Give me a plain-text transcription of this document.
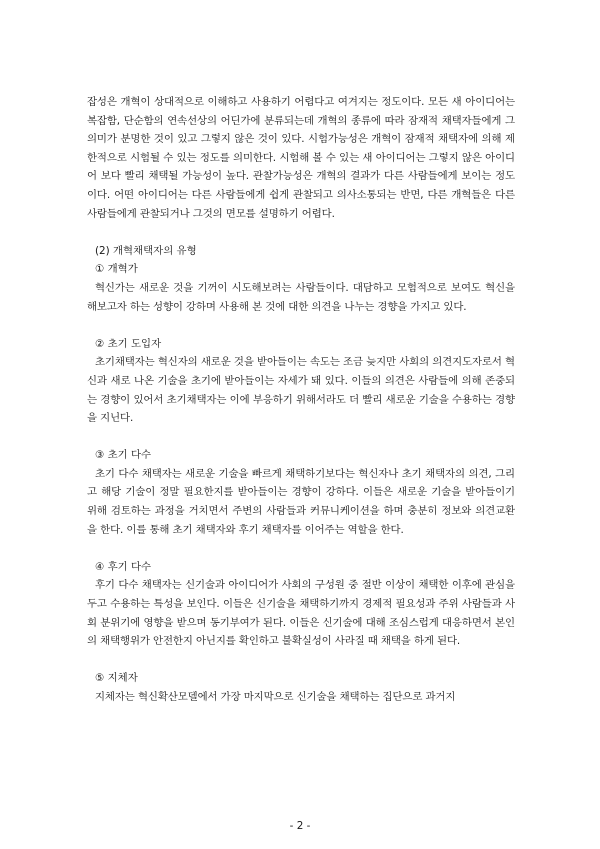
잡성은 개혁이 상대적으로 이해하고 사용하기 어렵다고 여겨지는 정도이다. 모든 새 아이디어는 복잡함, 단순함의 연속선상의 어딘가에 분류되는데 개혁의 종류에 따라 잠재적 채택자들에게 그 의미가 분명한 것이 있고 그렇지 않은 것이 있다. 시험가능성은 개혁이 잠재적 채택자에 의해 제한적으로 시험될 수 있는 정도를 의미한다. 시험해 볼 수 있는 새 아이디어는 그렇지 않은 아이디어 보다 빨리 채택될 가능성이 높다. 관찰가능성은 개혁의 결과가 다른 사람들에게 보이는 정도이다. 어떤 아이디어는 다른 사람들에게 쉽게 관찰되고 의사소통되는 반면, 다른 개혁들은 다른 사람들에게 관찰되거나 그것의 면모를 설명하기 어렵다.

(2) 개혁채택자의 유형

① 개혁가

혁신가는 새로운 것을 기꺼이 시도해보려는 사람들이다. 대담하고 모험적으로 보여도 혁신을 해보고자 하는 성향이 강하며 사용해 본 것에 대한 의견을 나누는 경향을 가지고 있다.

② 초기 도입자

초기채택자는 혁신자의 새로운 것을 받아들이는 속도는 조금 늦지만 사회의 의견지도자로서 혁신과 새로 나온 기술을 초기에 받아들이는 자세가 돼 있다. 이들의 의견은 사람들에 의해 존중되는 경향이 있어서 초기채택자는 이에 부응하기 위해서라도 더 빨리 새로운 기술을 수용하는 경향을 지닌다.

③ 초기 다수

초기 다수 채택자는 새로운 기술을 빠르게 채택하기보다는 혁신자나 초기 채택자의 의견, 그리고 해당 기술이 정말 필요한지를 받아들이는 경향이 강하다. 이들은 새로운 기술을 받아들이기 위해 검토하는 과정을 거치면서 주변의 사람들과 커뮤니케이션을 하며 충분히 정보와 의견교환을 한다. 이를 통해 초기 채택자와 후기 채택자를 이어주는 역할을 한다.

④ 후기 다수

후기 다수 채택자는 신기술과 아이디어가 사회의 구성원 중 절반 이상이 채택한 이후에 관심을 두고 수용하는 특성을 보인다. 이들은 신기술을 채택하기까지 경제적 필요성과 주위 사람들과 사회 분위기에 영향을 받으며 동기부여가 된다. 이들은 신기술에 대해 조심스럽게 대응하면서 본인의 채택행위가 안전한지 아닌지를 확인하고 불확실성이 사라질 때 채택을 하게 된다.

⑤ 지체자

지체자는 혁신확산모델에서 가장 마지막으로 신기술을 채택하는 집단으로 과거지

- 2 -
